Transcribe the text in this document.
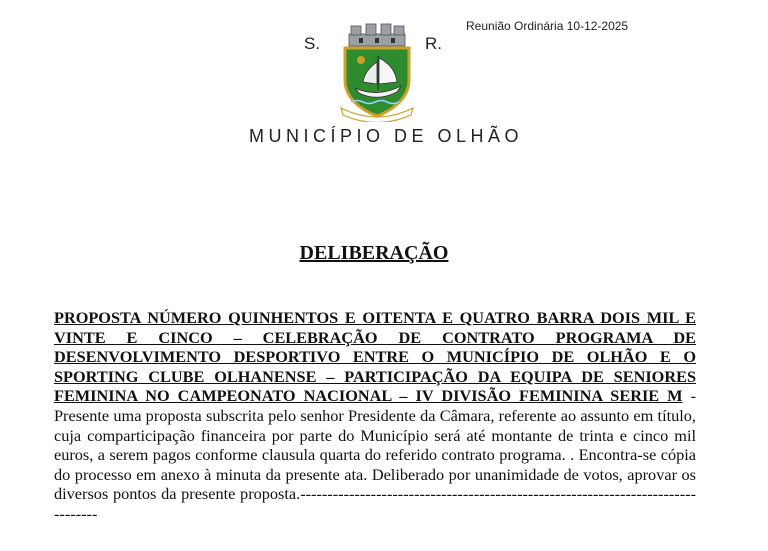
Reunião Ordinária 10-12-2025
S.	R.
MUNICÍPIO DE OLHÃO
DELIBERAÇÃO
PROPOSTA NÚMERO QUINHENTOS E OITENTA E QUATRO BARRA DOIS MIL E VINTE E CINCO – CELEBRAÇÃO DE CONTRATO PROGRAMA DE DESENVOLVIMENTO DESPORTIVO ENTRE O MUNICÍPIO DE OLHÃO E O SPORTING CLUBE OLHANENSE – PARTICIPAÇÃO DA EQUIPA DE SENIORES FEMININA NO CAMPEONATO NACIONAL – IV DIVISÃO FEMININA SERIE M - Presente uma proposta subscrita pelo senhor Presidente da Câmara, referente ao assunto em título, cuja comparticipação financeira por parte do Município será até montante de trinta e cinco mil euros, a serem pagos conforme clausula quarta do referido contrato programa. . Encontra-se cópia do processo em anexo à minuta da presente ata. Deliberado por unanimidade de votos, aprovar os diversos pontos da presente proposta.---------------------------------------------------------------------------------
